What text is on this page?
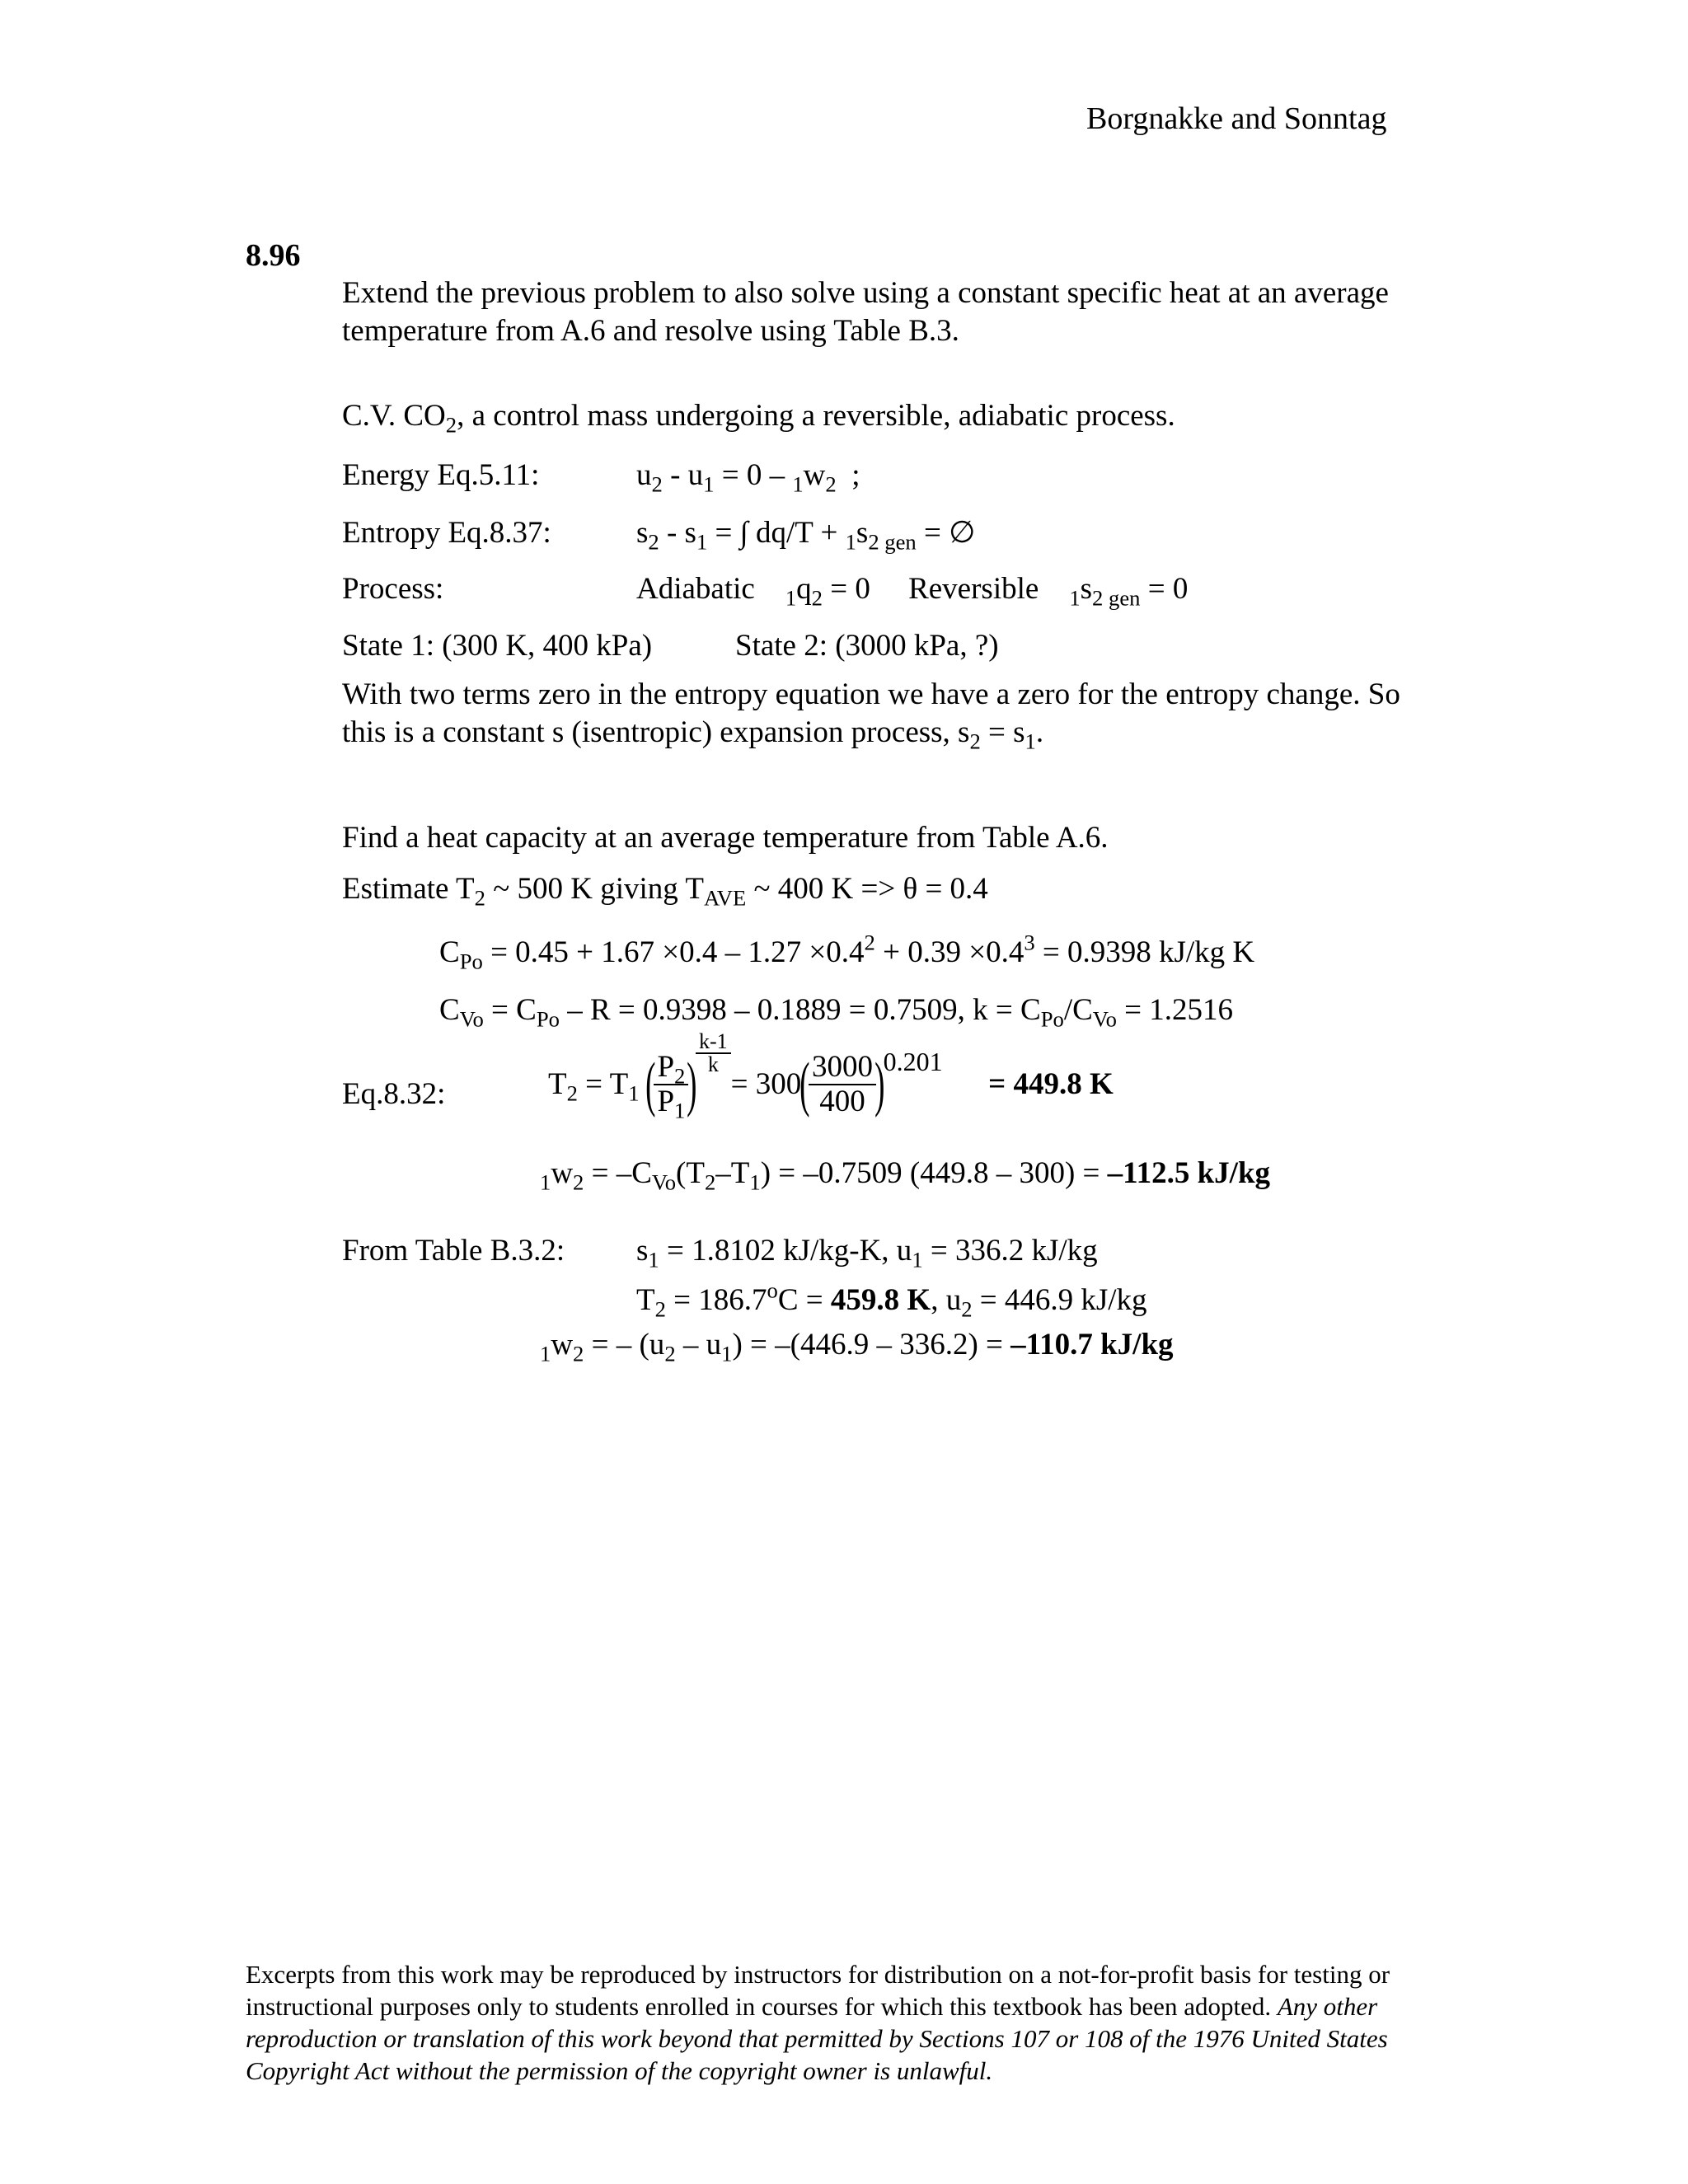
Borgnakke and Sonntag
8.96
Extend the previous problem to also solve using a constant specific heat at an average temperature from A.6 and resolve using Table B.3.
C.V. $CO_2$, a control mass undergoing a reversible, adiabatic process.
Energy Eq.5.11:	$u_2 - u_1 = 0 - _1w_2$  ;
Entropy Eq.8.37:	$s_2 - s_1$ = ∫ $dq/T + _1s_{2 gen}$ = ∅
Process:	Adiabatic $_1q_2 = 0$     Reversible $_1s_{2 gen} = 0$
State 1: (300 K, 400 kPa)	State 2: (3000 kPa, ?)
With two terms zero in the entropy equation we have a zero for the entropy change. So this is a constant s (isentropic) expansion process, $s_2 = s_1$.
Find a heat capacity at an average temperature from Table A.6.
Estimate $T_2$ ~ 500 K giving $T_{AVE}$ ~ 400 K => θ = 0.4
$C_{Po} = 0.45 + 1.67 \times 0.4 - 1.27 \times 0.4^2 + 0.39 \times 0.4^3 = 0.9398$ kJ/kg K
$C_{Vo} = C_{Po} - R = 0.9398 - 0.1889 = 0.7509$, $k = C_{Po}/C_{Vo} = 1.2516$
Eq.8.32:	$T_2 = T_1$ (
$\frac{P_2}{P_1}$
)
$\frac{k-1}{k}$
= 300
(
$\frac{3000}{400}$
)
0.201

= 449.8 K
$_1w_2 = -C_{Vo}(T_2-T_1) = -0.7509$ (449.8 – 300) = –112.5 kJ/kg
From Table B.3.2: $s_1 = 1.8102$ kJ/kg-K, $u_1 = 336.2$ kJ/kg
$T_2 = 186.7^oC = 459.8$ K, $u_2 = 446.9$ kJ/kg
$_1w_2$ = – $(u_2 - u_1) = -(446.9 - 336.2) = -110.7$ kJ/kg
Excerpts from this work may be reproduced by instructors for distribution on a not-for-profit basis for testing or instructional purposes only to students enrolled in courses for which this textbook has been adopted. Any other reproduction or translation of this work beyond that permitted by Sections 107 or 108 of the 1976 United States Copyright Act without the permission of the copyright owner is unlawful.
